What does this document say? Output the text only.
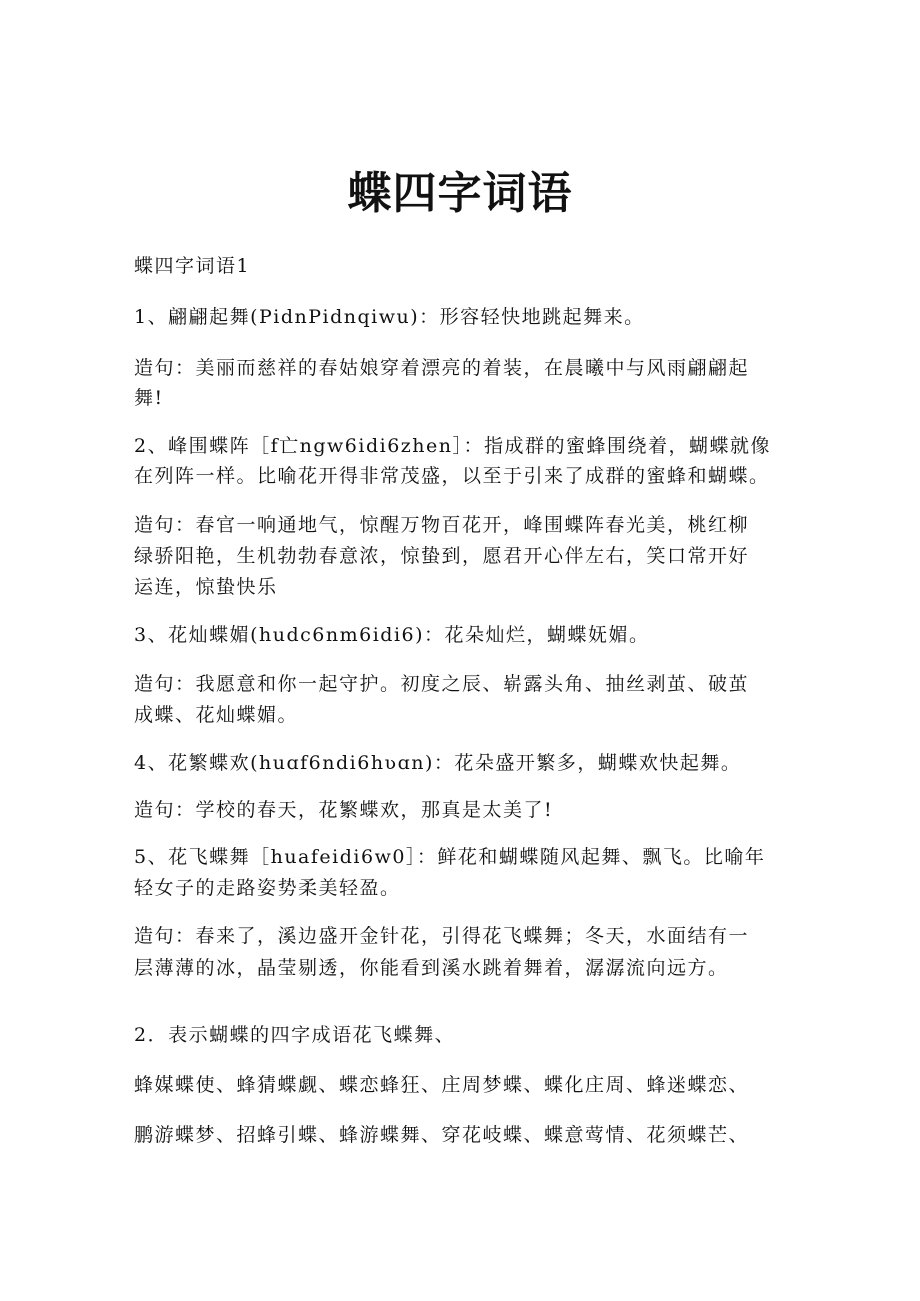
蝶四字词语
蝶四字词语1
1、翩翩起舞(PidnPidnqiwu)：形容轻快地跳起舞来。
造句：美丽而慈祥的春姑娘穿着漂亮的着装，在晨曦中与风雨翩翩起
舞!
2、峰围蝶阵［f亡ngw6idi6zhen］：指成群的蜜蜂围绕着，蝴蝶就像
在列阵一样。比喻花开得非常茂盛，以至于引来了成群的蜜蜂和蝴蝶。
造句：春官一响通地气，惊醒万物百花开，峰围蝶阵春光美，桃红柳
绿骄阳艳，生机勃勃春意浓，惊蛰到，愿君开心伴左右，笑口常开好
运连，惊蛰快乐
3、花灿蝶媚(hudc6nm6idi6)：花朵灿烂，蝴蝶妩媚。
造句：我愿意和你一起守护。初度之辰、崭露头角、抽丝剥茧、破茧
成蝶、花灿蝶媚。
4、花繁蝶欢(huɑf6ndi6hʋɑn)：花朵盛开繁多，蝴蝶欢快起舞。
造句：学校的春天，花繁蝶欢，那真是太美了!
5、花飞蝶舞［huafeidi6w0］：鲜花和蝴蝶随风起舞、飘飞。比喻年
轻女子的走路姿势柔美轻盈。
造句：春来了，溪边盛开金针花，引得花飞蝶舞；冬天，水面结有一
层薄薄的冰，晶莹剔透，你能看到溪水跳着舞着，潺潺流向远方。
2．表示蝴蝶的四字成语花飞蝶舞、
蜂媒蝶使、蜂猜蝶觑、蝶恋蜂狂、庄周梦蝶、蝶化庄周、蜂迷蝶恋、
鹏游蝶梦、招蜂引蝶、蜂游蝶舞、穿花岐蝶、蝶意莺情、花须蝶芒、
